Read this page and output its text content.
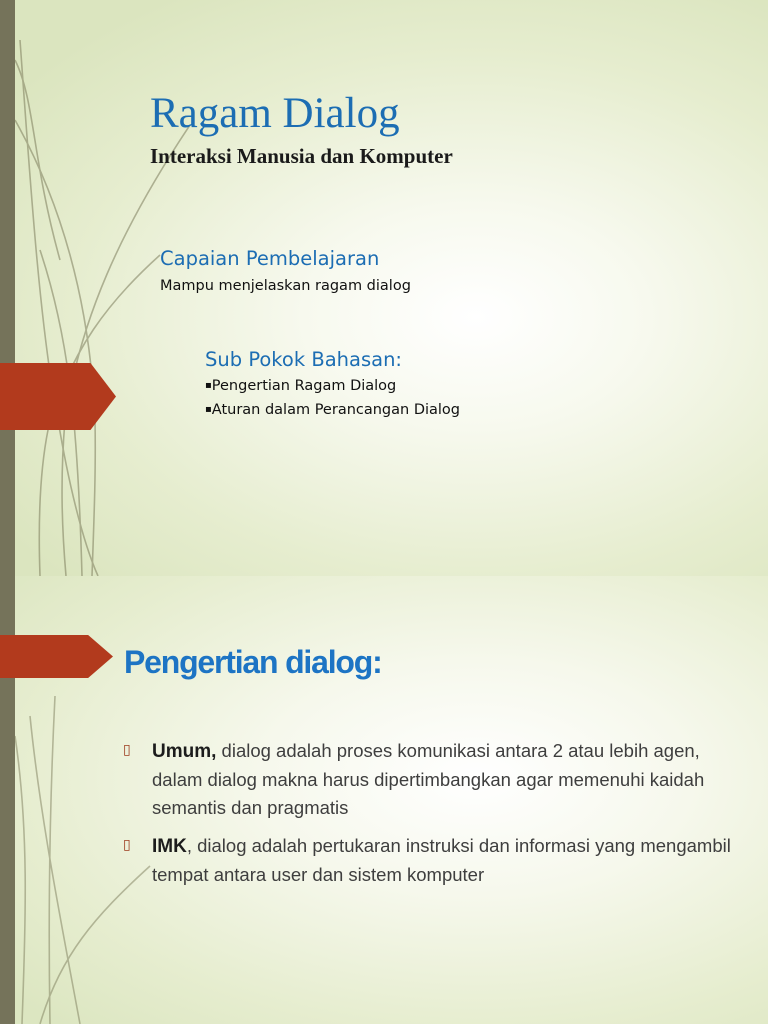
Ragam Dialog
Interaksi Manusia dan Komputer
Capaian Pembelajaran
Mampu menjelaskan ragam dialog
Sub Pokok Bahasan:
▪Pengertian Ragam Dialog
▪Aturan dalam Perancangan Dialog
Pengertian dialog:
▯ Umum, dialog adalah proses komunikasi antara 2 atau lebih agen, dalam dialog makna harus dipertimbangkan agar memenuhi kaidah semantis dan pragmatis

▯ IMK, dialog adalah pertukaran instruksi dan informasi yang mengambil tempat antara user dan sistem komputer
